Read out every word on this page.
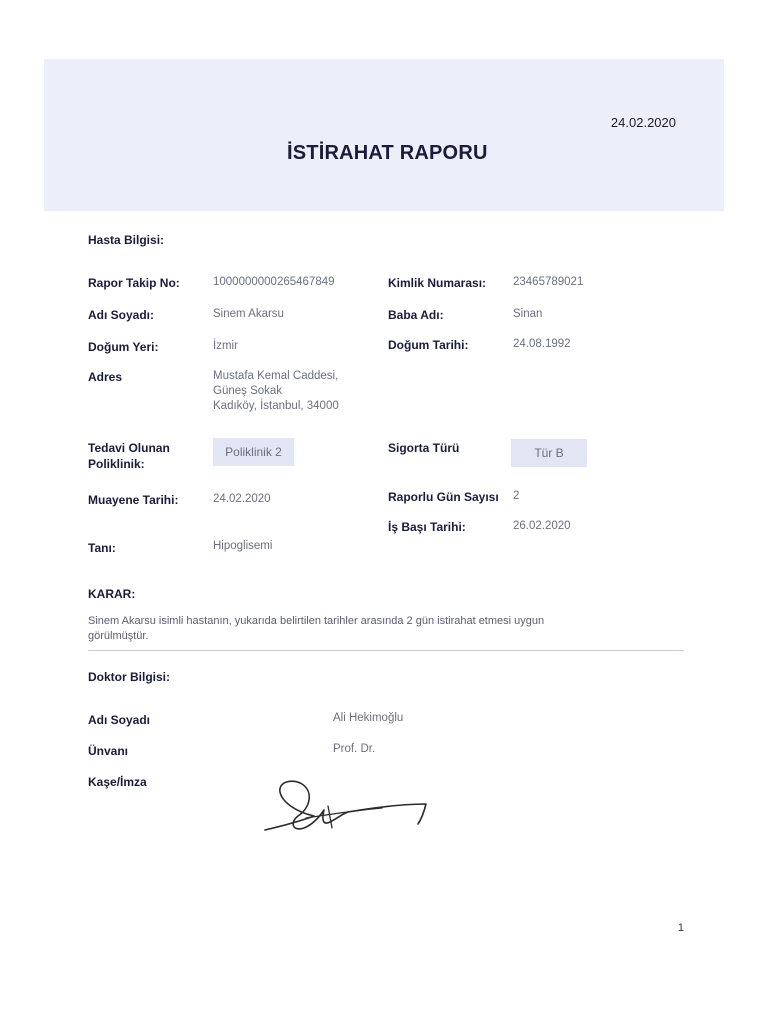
24.02.2020
İSTİRAHAT RAPORU
Hasta Bilgisi:
Rapor Takip No:	1000000000265467849	Kimlik Numarası: 23465789021
Adı Soyadı:	Sinem Akarsu	Baba Adı:	Sinan
Doğum Yeri:	İzmir	Doğum Tarihi:	24.08.1992
Adres	Mustafa Kemal Caddesi,
Güneş Sokak
Kadıköy, İstanbul, 34000
Tedavi Olunan
Poliklinik:
Poliklinik 2	Sigorta Türü	Tür B
Muayene Tarihi:	24.02.2020	Raporlu Gün Sayısı	2
İş Başı Tarihi:	26.02.2020
Tanı:	Hipoglisemi
KARAR:
Sinem Akarsu isimli hastanın, yukarıda belirtilen tarihler arasında 2 gün istirahat etmesi uygun
görülmüştür.
Doktor Bilgisi:
Adı Soyadı	Ali Hekimoğlu
Ünvanı	Prof. Dr.
Kaşe/İmza
1
